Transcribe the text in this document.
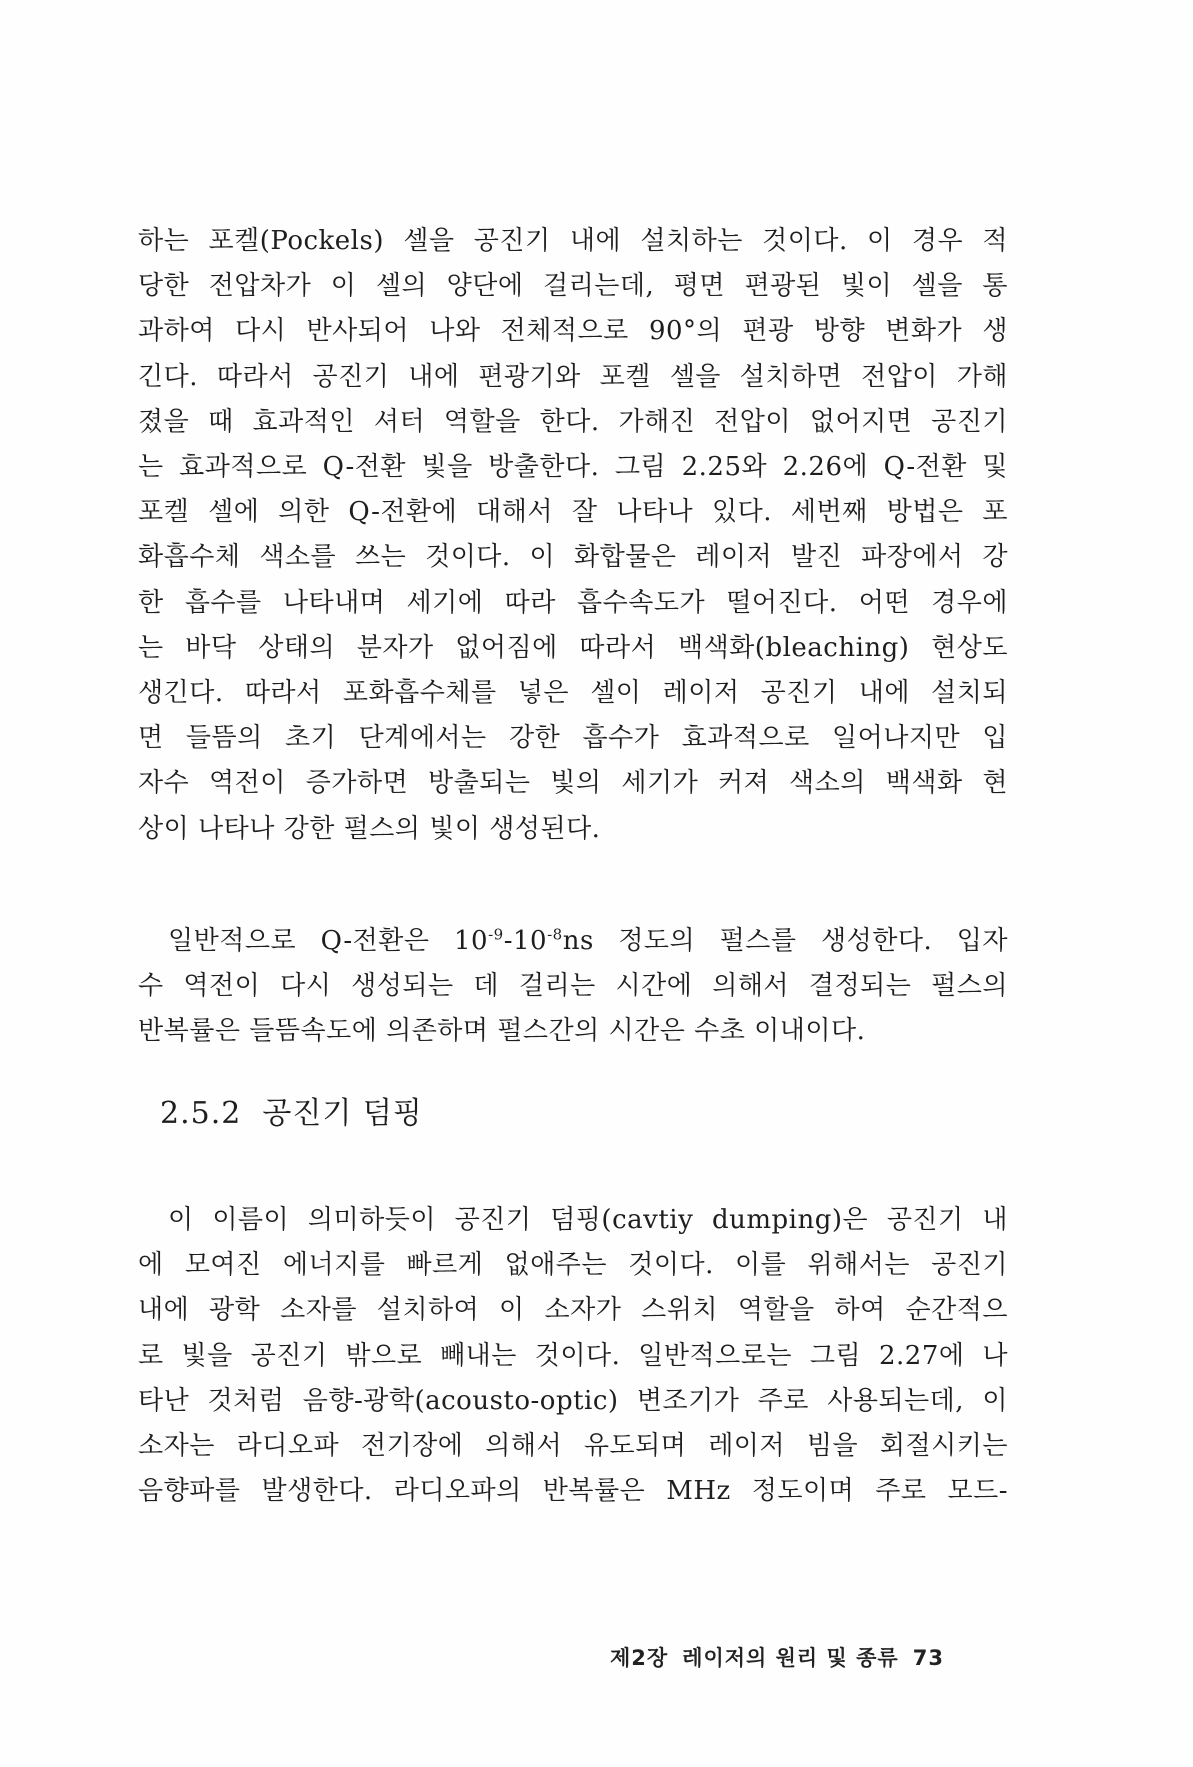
하는 포켈(Pockels) 셀을 공진기 내에 설치하는 것이다. 이 경우 적
당한 전압차가 이 셀의 양단에 걸리는데, 평면 편광된 빛이 셀을 통
과하여 다시 반사되어 나와 전체적으로 90°의 편광 방향 변화가 생
긴다. 따라서 공진기 내에 편광기와 포켈 셀을 설치하면 전압이 가해
졌을 때 효과적인 셔터 역할을 한다. 가해진 전압이 없어지면 공진기
는 효과적으로 Q-전환 빛을 방출한다. 그림 2.25와 2.26에 Q-전환 및
포켈 셀에 의한 Q-전환에 대해서 잘 나타나 있다. 세번째 방법은 포
화흡수체 색소를 쓰는 것이다. 이 화합물은 레이저 발진 파장에서 강
한 흡수를 나타내며 세기에 따라 흡수속도가 떨어진다. 어떤 경우에
는 바닥 상태의 분자가 없어짐에 따라서 백색화(bleaching) 현상도
생긴다. 따라서 포화흡수체를 넣은 셀이 레이저 공진기 내에 설치되
면 들뜸의 초기 단계에서는 강한 흡수가 효과적으로 일어나지만 입
자수 역전이 증가하면 방출되는 빛의 세기가 커져 색소의 백색화 현
상이 나타나 강한 펄스의 빛이 생성된다.
일반적으로 Q-전환은 $10^{-9}-10^{-8}ns$ 정도의 펄스를 생성한다. 입자
수 역전이 다시 생성되는 데 걸리는 시간에 의해서 결정되는 펄스의
반복률은 들뜸속도에 의존하며 펄스간의 시간은 수초 이내이다.
2.5.2 공진기 덤핑
이 이름이 의미하듯이 공진기 덤핑(cavtiy dumping)은 공진기 내
에 모여진 에너지를 빠르게 없애주는 것이다. 이를 위해서는 공진기
내에 광학 소자를 설치하여 이 소자가 스위치 역할을 하여 순간적으
로 빛을 공진기 밖으로 빼내는 것이다. 일반적으로는 그림 2.27에 나
타난 것처럼 음향-광학(acousto-optic) 변조기가 주로 사용되는데, 이
소자는 라디오파 전기장에 의해서 유도되며 레이저 빔을 회절시키는
음향파를 발생한다. 라디오파의 반복률은 MHz 정도이며 주로 모드-
제2장 레이저의 원리 및 종류 73
